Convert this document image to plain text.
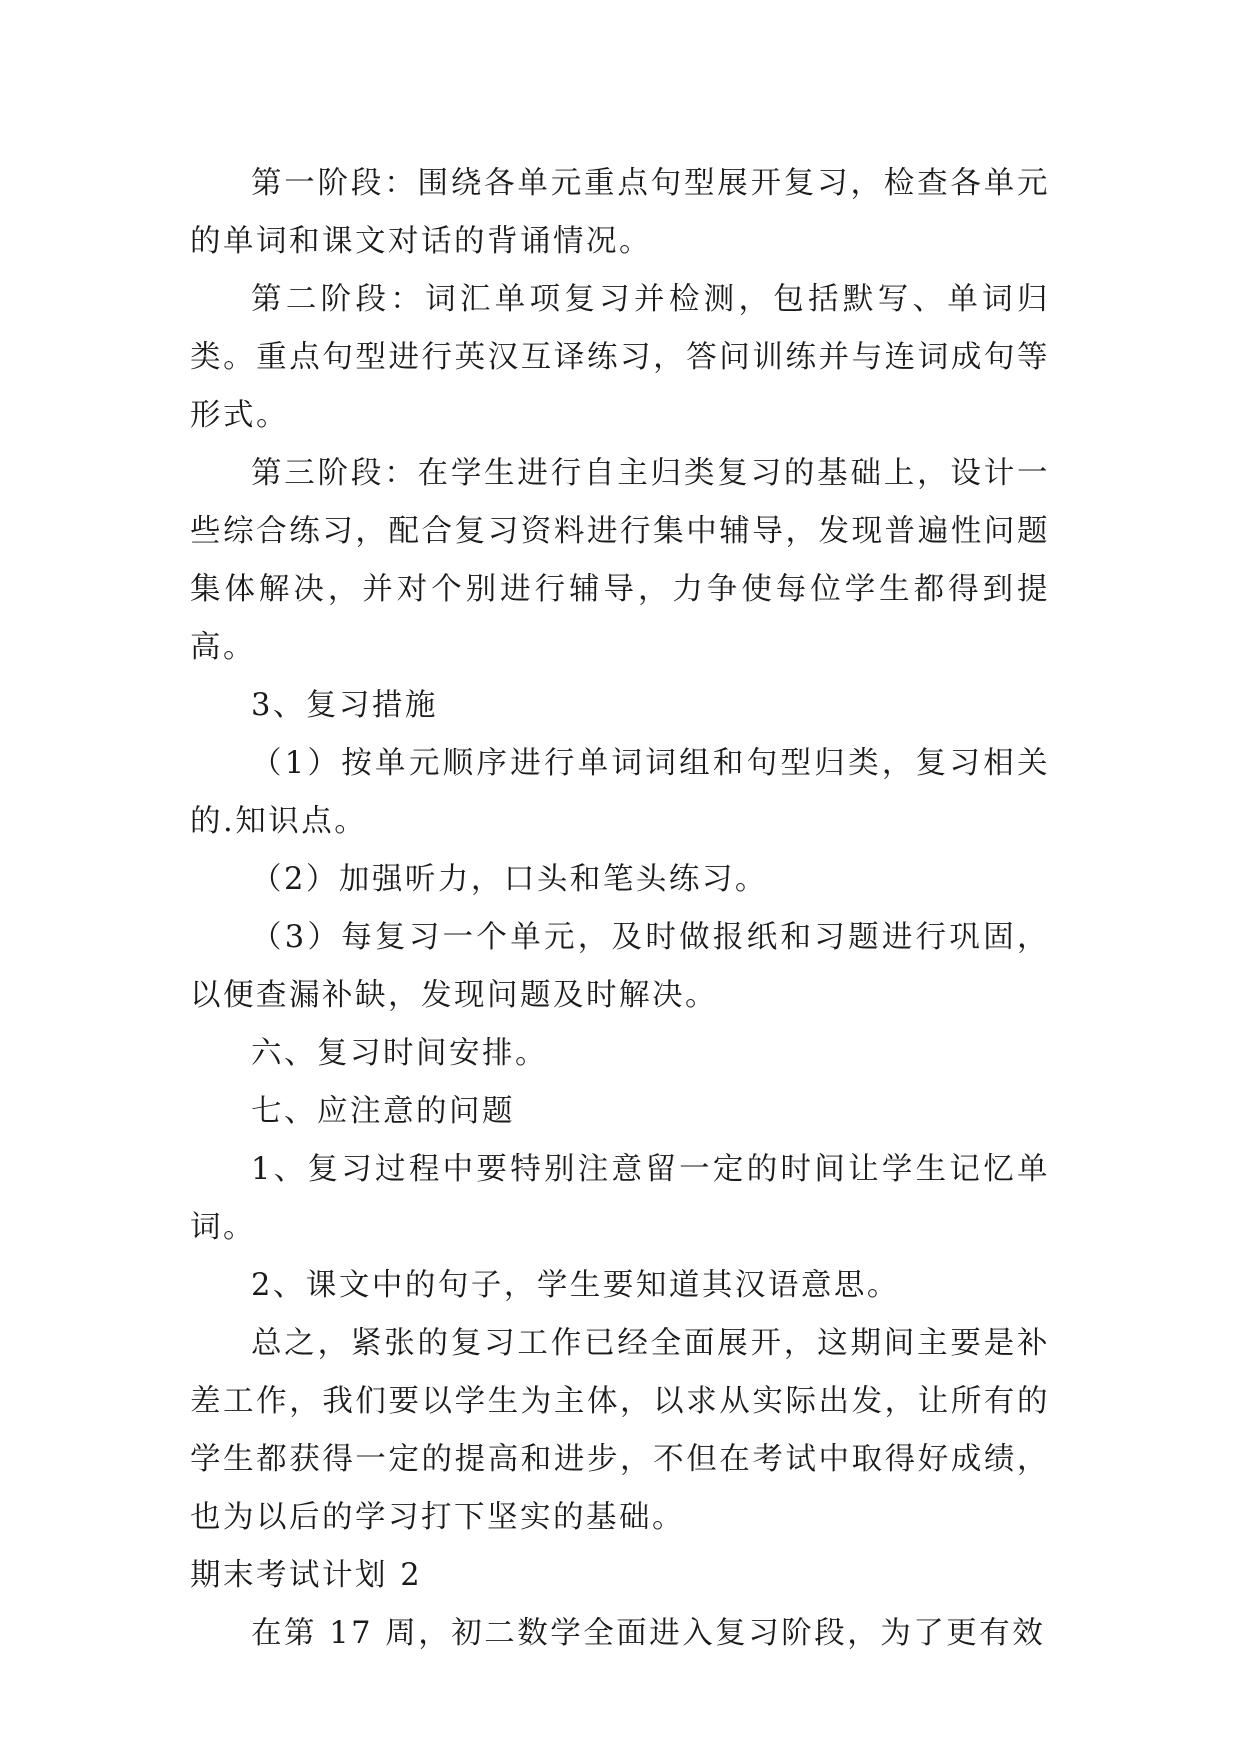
第一阶段：围绕各单元重点句型展开复习，检查各单元的单词和课文对话的背诵情况。

第二阶段：词汇单项复习并检测，包括默写、单词归类。重点句型进行英汉互译练习，答问训练并与连词成句等形式。

第三阶段：在学生进行自主归类复习的基础上，设计一些综合练习，配合复习资料进行集中辅导，发现普遍性问题集体解决，并对个别进行辅导，力争使每位学生都得到提高。

3、复习措施

（1）按单元顺序进行单词词组和句型归类，复习相关的.知识点。

（2）加强听力，口头和笔头练习。

（3）每复习一个单元，及时做报纸和习题进行巩固，以便查漏补缺，发现问题及时解决。

六、复习时间安排。

七、应注意的问题

1、复习过程中要特别注意留一定的时间让学生记忆单词。

2、课文中的句子，学生要知道其汉语意思。

总之，紧张的复习工作已经全面展开，这期间主要是补差工作，我们要以学生为主体，以求从实际出发，让所有的学生都获得一定的提高和进步，不但在考试中取得好成绩，也为以后的学习打下坚实的基础。

期末考试计划 2

在第 17 周，初二数学全面进入复习阶段，为了更有效
